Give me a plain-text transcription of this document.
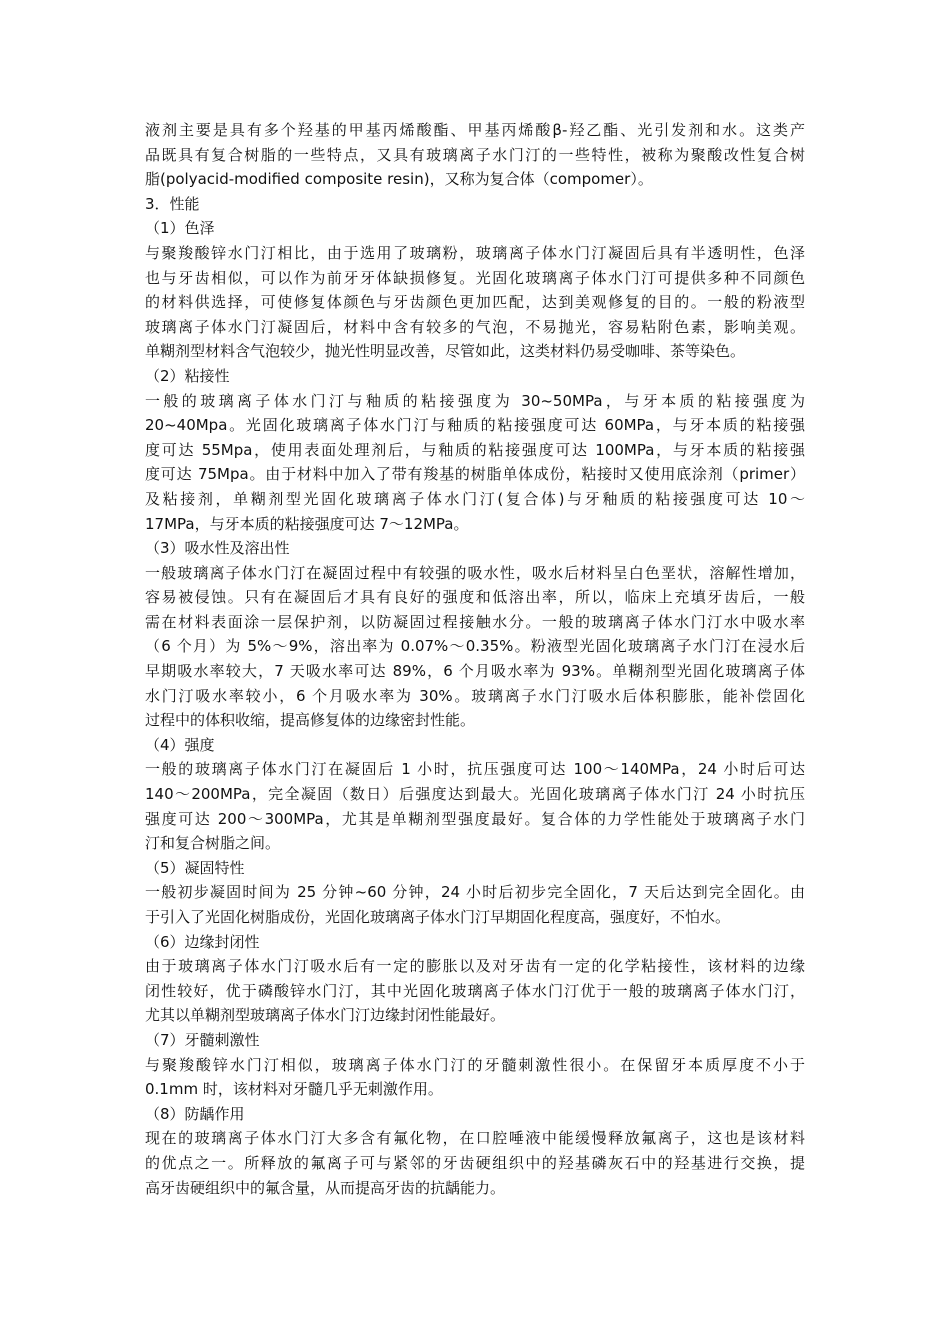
液剂主要是具有多个羟基的甲基丙烯酸酯、甲基丙烯酸β-羟乙酯、光引发剂和水。这类产
品既具有复合树脂的一些特点，又具有玻璃离子水门汀的一些特性，被称为聚酸改性复合树
脂(polyacid-modified composite resin)，又称为复合体（compomer）。
3．性能
（1）色泽
与聚羧酸锌水门汀相比，由于选用了玻璃粉，玻璃离子体水门汀凝固后具有半透明性，色泽
也与牙齿相似，可以作为前牙牙体缺损修复。光固化玻璃离子体水门汀可提供多种不同颜色
的材料供选择，可使修复体颜色与牙齿颜色更加匹配，达到美观修复的目的。一般的粉液型
玻璃离子体水门汀凝固后，材料中含有较多的气泡，不易抛光，容易粘附色素，影响美观。
单糊剂型材料含气泡较少，抛光性明显改善，尽管如此，这类材料仍易受咖啡、茶等染色。
（2）粘接性
一般的玻璃离子体水门汀与釉质的粘接强度为 30~50MPa，与牙本质的粘接强度为
20~40Mpa。光固化玻璃离子体水门汀与釉质的粘接强度可达 60MPa，与牙本质的粘接强
度可达 55Mpa，使用表面处理剂后，与釉质的粘接强度可达 100MPa，与牙本质的粘接强
度可达 75Mpa。由于材料中加入了带有羧基的树脂单体成份，粘接时又使用底涂剂（primer）
及粘接剂，单糊剂型光固化玻璃离子体水门汀(复合体)与牙釉质的粘接强度可达 10～
17MPa，与牙本质的粘接强度可达 7～12MPa。
（3）吸水性及溶出性
一般玻璃离子体水门汀在凝固过程中有较强的吸水性，吸水后材料呈白色垩状，溶解性增加，
容易被侵蚀。只有在凝固后才具有良好的强度和低溶出率，所以，临床上充填牙齿后，一般
需在材料表面涂一层保护剂，以防凝固过程接触水分。一般的玻璃离子体水门汀水中吸水率
（6 个月）为 5%～9%，溶出率为 0.07%～0.35%。粉液型光固化玻璃离子水门汀在浸水后
早期吸水率较大，7 天吸水率可达 89%，6 个月吸水率为 93%。单糊剂型光固化玻璃离子体
水门汀吸水率较小，6 个月吸水率为 30%。玻璃离子水门汀吸水后体积膨胀，能补偿固化
过程中的体积收缩，提高修复体的边缘密封性能。
（4）强度
一般的玻璃离子体水门汀在凝固后 1 小时，抗压强度可达 100～140MPa，24 小时后可达
140～200MPa，完全凝固（数日）后强度达到最大。光固化玻璃离子体水门汀 24 小时抗压
强度可达 200～300MPa，尤其是单糊剂型强度最好。复合体的力学性能处于玻璃离子水门
汀和复合树脂之间。
（5）凝固特性
一般初步凝固时间为 25 分钟~60 分钟，24 小时后初步完全固化，7 天后达到完全固化。由
于引入了光固化树脂成份，光固化玻璃离子体水门汀早期固化程度高，强度好，不怕水。
（6）边缘封闭性
由于玻璃离子体水门汀吸水后有一定的膨胀以及对牙齿有一定的化学粘接性，该材料的边缘
闭性较好，优于磷酸锌水门汀，其中光固化玻璃离子体水门汀优于一般的玻璃离子体水门汀，
尤其以单糊剂型玻璃离子体水门汀边缘封闭性能最好。
（7）牙髓刺激性
与聚羧酸锌水门汀相似，玻璃离子体水门汀的牙髓刺激性很小。在保留牙本质厚度不小于
0.1mm 时，该材料对牙髓几乎无刺激作用。
（8）防龋作用
现在的玻璃离子体水门汀大多含有氟化物，在口腔唾液中能缓慢释放氟离子，这也是该材料
的优点之一。所释放的氟离子可与紧邻的牙齿硬组织中的羟基磷灰石中的羟基进行交换，提
高牙齿硬组织中的氟含量，从而提高牙齿的抗龋能力。
